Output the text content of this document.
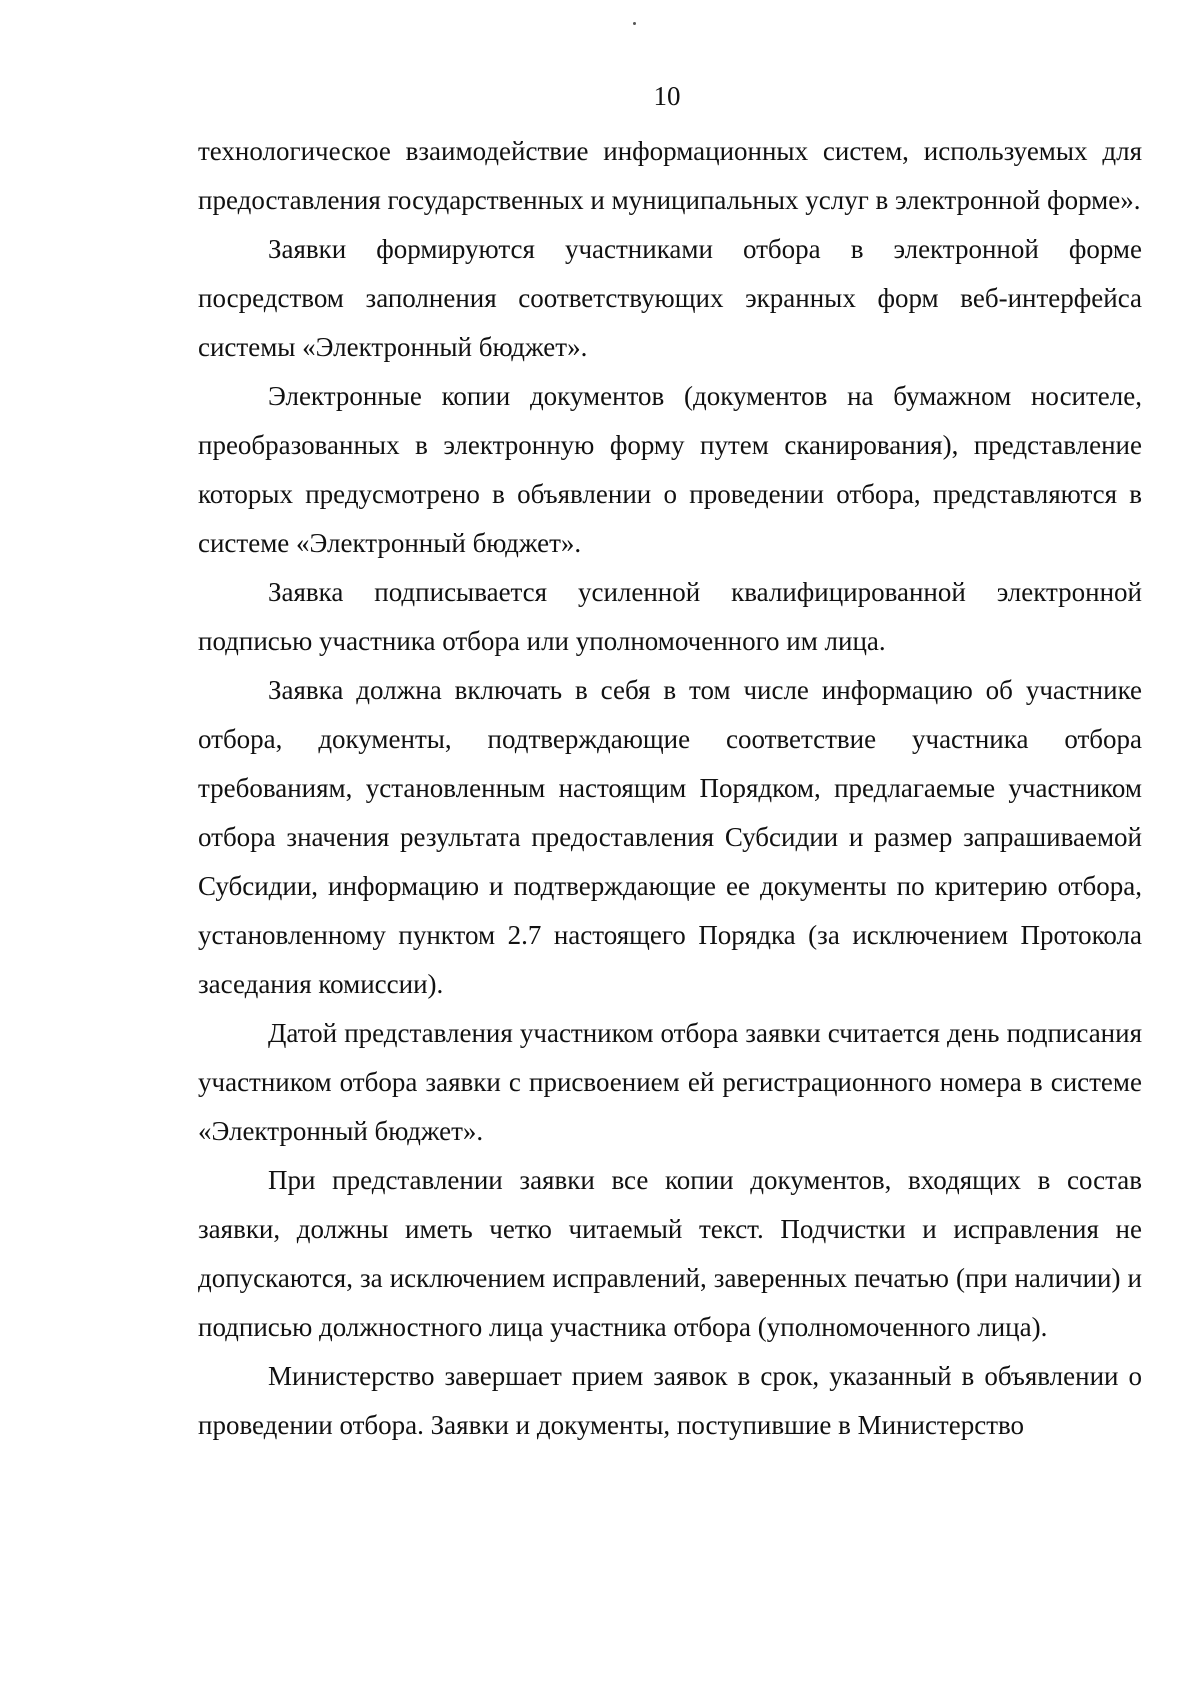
10

технологическое взаимодействие информационных систем, используемых для предоставления государственных и муниципальных услуг в электронной форме».

Заявки формируются участниками отбора в электронной форме посредством заполнения соответствующих экранных форм веб-интерфейса системы «Электронный бюджет».

Электронные копии документов (документов на бумажном носителе, преобразованных в электронную форму путем сканирования), представление которых предусмотрено в объявлении о проведении отбора, представляются в системе «Электронный бюджет».

Заявка подписывается усиленной квалифицированной электронной подписью участника отбора или уполномоченного им лица.

Заявка должна включать в себя в том числе информацию об участнике отбора, документы, подтверждающие соответствие участника отбора требованиям, установленным настоящим Порядком, предлагаемые участником отбора значения результата предоставления Субсидии и размер запрашиваемой Субсидии, информацию и подтверждающие ее документы по критерию отбора, установленному пунктом 2.7 настоящего Порядка (за исключением Протокола заседания комиссии).

Датой представления участником отбора заявки считается день подписания участником отбора заявки с присвоением ей регистрационного номера в системе «Электронный бюджет».

При представлении заявки все копии документов, входящих в состав заявки, должны иметь четко читаемый текст. Подчистки и исправления не допускаются, за исключением исправлений, заверенных печатью (при наличии) и подписью должностного лица участника отбора (уполномоченного лица).

Министерство завершает прием заявок в срок, указанный в объявлении о проведении отбора. Заявки и документы, поступившие в Министерство
